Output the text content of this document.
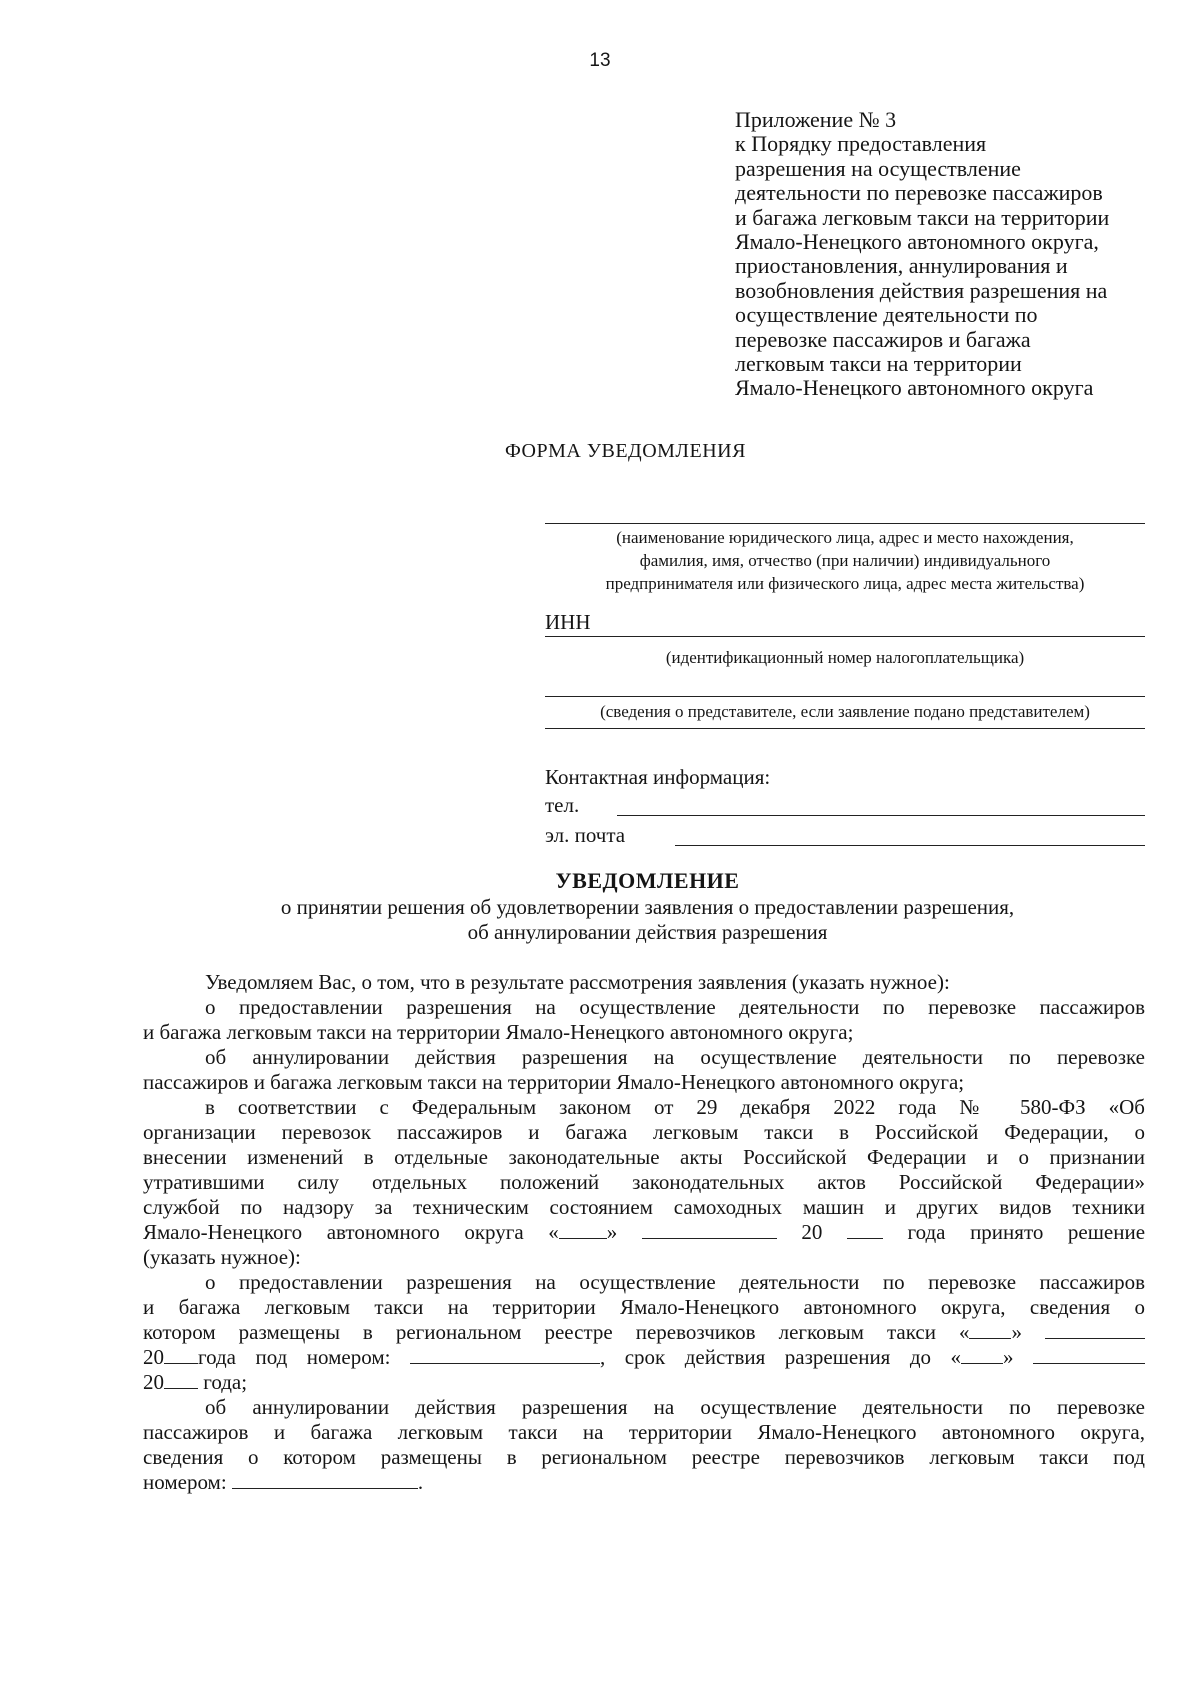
13
Приложение № 3
к Порядку предоставления
разрешения на осуществление
деятельности по перевозке пассажиров
и багажа легковым такси на территории
Ямало-Ненецкого автономного округа,
приостановления, аннулирования и
возобновления действия разрешения на
осуществление деятельности по
перевозке пассажиров и багажа
легковым такси на территории
Ямало-Ненецкого автономного округа
ФОРМА УВЕДОМЛЕНИЯ
(наименование юридического лица, адрес и место нахождения,
фамилия, имя, отчество (при наличии) индивидуального
предпринимателя или физического лица, адрес места жительства)
ИНН
(идентификационный номер налогоплательщика)
(сведения о представителе, если заявление подано представителем)
Контактная информация:
тел.
эл. почта
УВЕДОМЛЕНИЕ
о принятии решения об удовлетворении заявления о предоставлении разрешения,
об аннулировании действия разрешения
Уведомляем Вас, о том, что в результате рассмотрения заявления (указать нужное):
о предоставлении разрешения на осуществление деятельности по перевозке пассажиров
и багажа легковым такси на территории Ямало-Ненецкого автономного округа;
об аннулировании действия разрешения на осуществление деятельности по перевозке
пассажиров и багажа легковым такси на территории Ямало-Ненецкого автономного округа;
в соответствии с Федеральным законом от 29 декабря 2022 года № 580-ФЗ «Об
организации перевозок пассажиров и багажа легковым такси в Российской Федерации, о
внесении изменений в отдельные законодательные акты Российской Федерации и о признании
утратившими силу отдельных положений законодательных актов Российской Федерации»
службой по надзору за техническим состоянием самоходных машин и других видов техники
Ямало-Ненецкого автономного округа « »	20	года принято решение
(указать нужное):
о предоставлении разрешения на осуществление деятельности по перевозке пассажиров
и багажа легковым такси на территории Ямало-Ненецкого автономного округа, сведения о
котором размещены в региональном реестре перевозчиков легковым такси « »
20 года под номером:	, срок действия разрешения до « »
20 года;
об аннулировании действия разрешения на осуществление деятельности по перевозке
пассажиров и багажа легковым такси на территории Ямало-Ненецкого автономного округа,
сведения о котором размещены в региональном реестре перевозчиков легковым такси под
номером:	.
